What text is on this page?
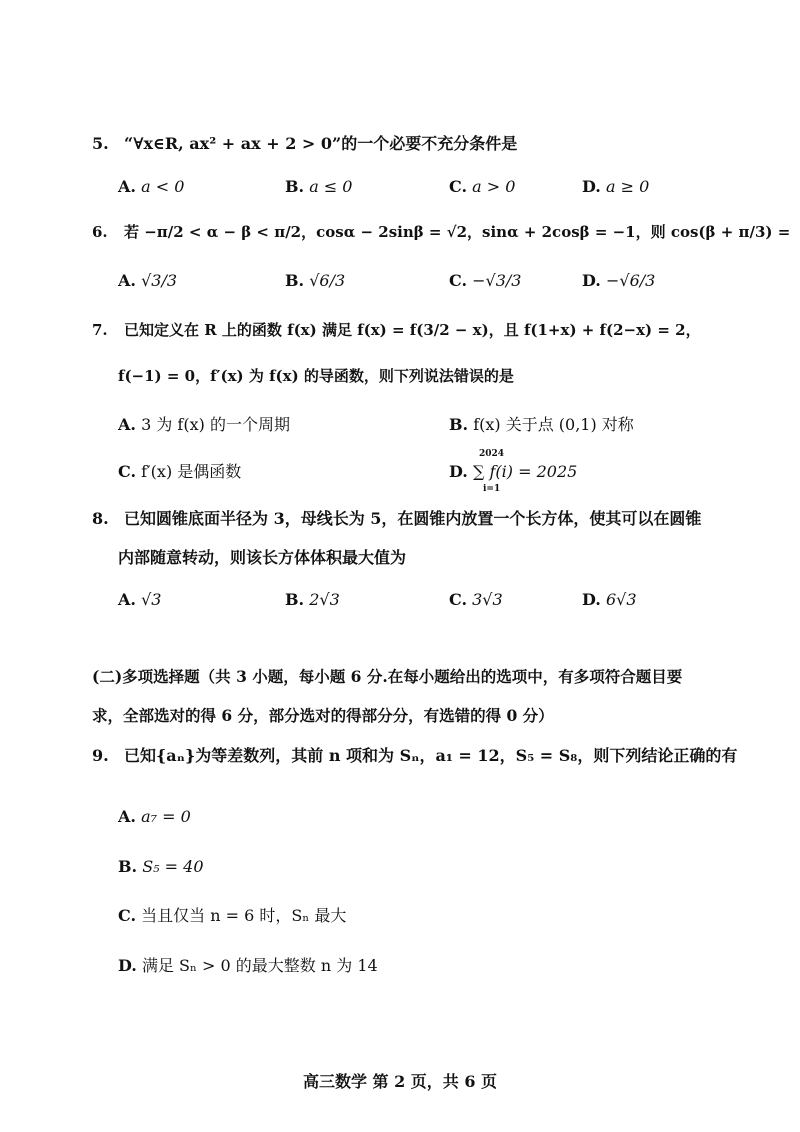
5. “∀x∈R, ax² + ax + 2 > 0”的一个必要不充分条件是
A. a < 0	B. a ≤ 0	C. a > 0	D. a ≥ 0
6. 若 −π/2 < α − β < π/2，cosα − 2sinβ = √2，sinα + 2cosβ = −1，则 cos(β + π/3) =
A. √3/3	B. √6/3	C. −√3/3	D. −√6/3
7. 已知定义在 R 上的函数 f(x) 满足 f(x) = f(3/2 − x)，且 f(1+x) + f(2−x) = 2，
f(−1) = 0，f′(x) 为 f(x) 的导函数，则下列说法错误的是
A. 3 为 f(x) 的一个周期	B. f(x) 关于点 (0,1) 对称
C. f′(x) 是偶函数	D.
2024
i=1
∑ f(i) = 2025
8. 已知圆锥底面半径为 3，母线长为 5，在圆锥内放置一个长方体，使其可以在圆锥
内部随意转动，则该长方体体积最大值为
A. √3	B. 2√3	C. 3√3	D. 6√3
(二)多项选择题（共 3 小题，每小题 6 分.在每小题给出的选项中，有多项符合题目要
求，全部选对的得 6 分，部分选对的得部分分，有选错的得 0 分）
9. 已知{aₙ}为等差数列，其前 n 项和为 Sₙ，a₁ = 12，S₅ = S₈，则下列结论正确的有
A. a₇ = 0
B. S₅ = 40
C. 当且仅当 n = 6 时，Sₙ 最大
D. 满足 Sₙ > 0 的最大整数 n 为 14
高三数学 第 2 页，共 6 页
